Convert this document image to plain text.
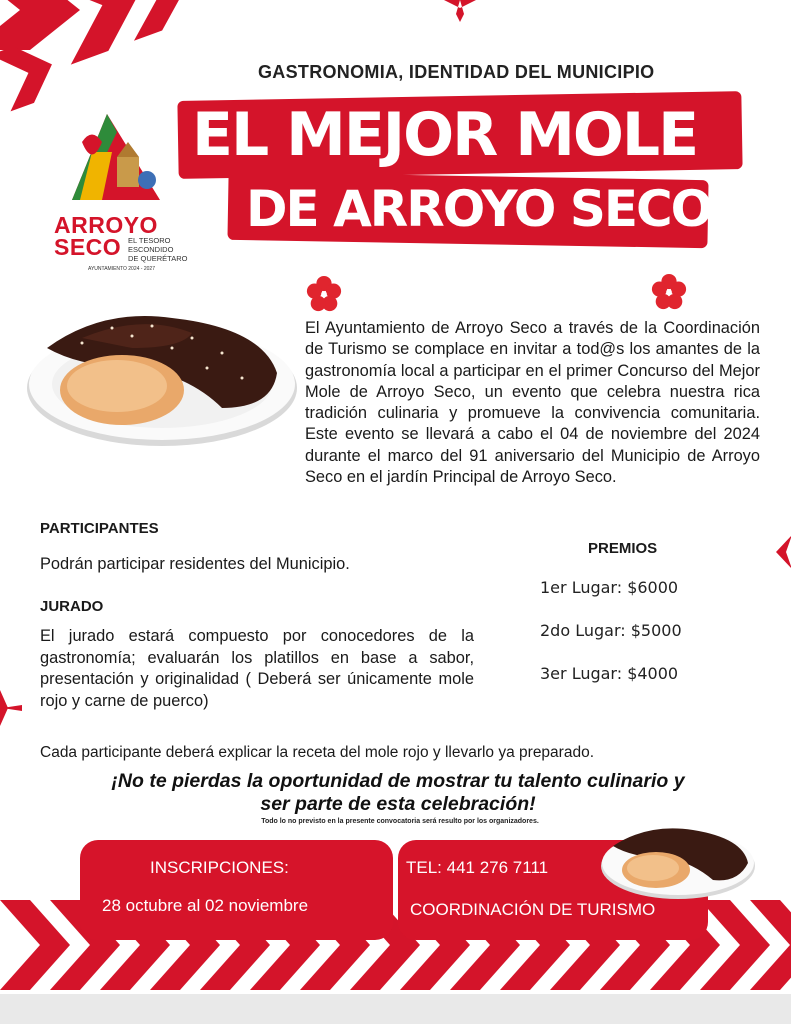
GASTRONOMIA, IDENTIDAD DEL MUNICIPIO
EL MEJOR MOLE
DE ARROYO SECO
ARROYO
SECO EL TESORO
ESCONDIDO
DE QUERÉTARO
AYUNTAMIENTO 2024 - 2027
El Ayuntamiento de Arroyo Seco a través de la Coordinación de Turismo se complace en invitar a tod@s los amantes de la gastronomía local a participar en el primer Concurso del Mejor Mole de Arroyo Seco, un evento que celebra nuestra rica tradición culinaria y promueve la convivencia comunitaria. Este evento se llevará a cabo el 04 de noviembre del 2024 durante el marco del 91 aniversario del Municipio de Arroyo Seco en el jardín Principal de Arroyo Seco.
PARTICIPANTES
Podrán participar residentes del Municipio.
JURADO
El jurado estará compuesto por conocedores de la gastronomía; evaluarán los platillos en base a sabor, presentación y originalidad ( Deberá ser únicamente mole rojo y carne de puerco)
PREMIOS
1er Lugar: $6000
2do Lugar: $5000
3er Lugar: $4000
Cada participante deberá explicar la receta del mole rojo y llevarlo ya preparado.
¡No te pierdas la oportunidad de mostrar tu talento culinario y
ser parte de esta celebración!
Todo lo no previsto en la presente convocatoria será resulto por los organizadores.
INSCRIPCIONES:
28 octubre al 02 noviembre
TEL: 441 276 7111
COORDINACIÓN DE TURISMO
